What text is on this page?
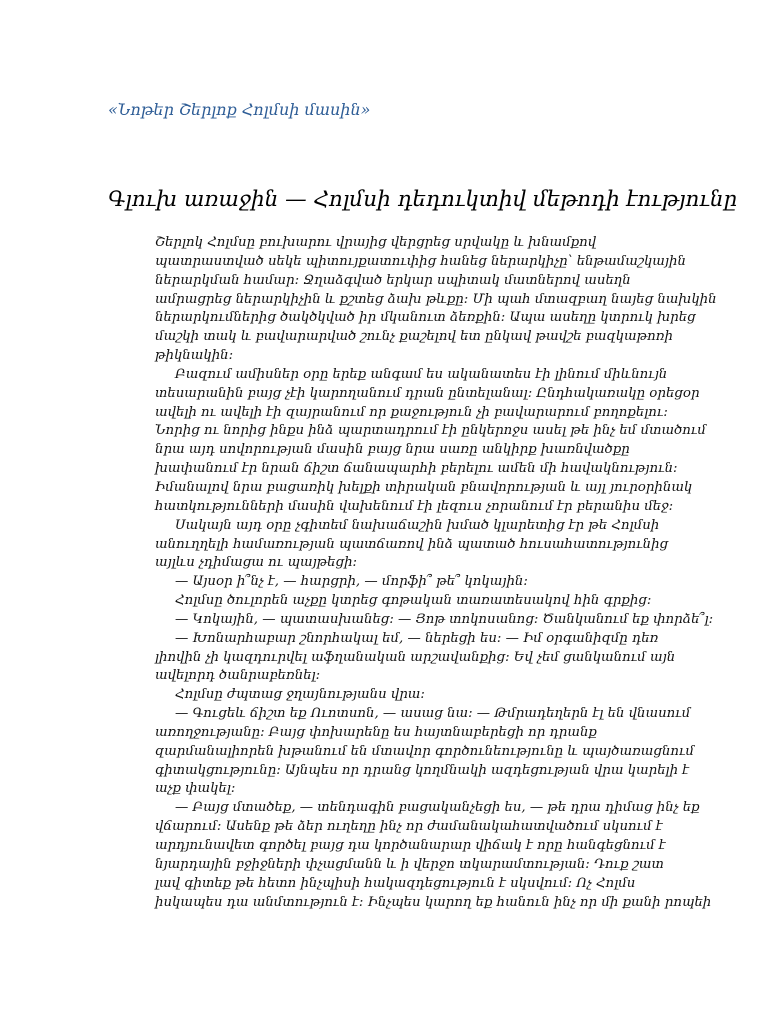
«Նոթեր Շերլոք Հոլմսի մասին»
Գլուխ առաջին — Հոլմսի դեդուկտիվ մեթոդի էությունը
Շերլոկ Հոլմսը բուխարու վրայից վերցրեց սրվակը և խնամքով
պատրաստված սեկե պիտույքատուփից հանեց ներարկիչը՝ ենթամաշկային
ներարկման համար: Ջղաձգված երկար սպիտակ մատներով ասեղն
ամրացրեց ներարկիչին և քշտեց ձախ թևքը: Մի պահ մտազբաղ նայեց նախկին
ներարկումներից ծակծկված իր մկանուտ ձեռքին: Ապա ասեղը կտրուկ խրեց
մաշկի տակ և բավարարված շունչ քաշելով ետ ընկավ թավշե բազկաթոռի
թիկնակին:
Բազում ամիսներ օրը երեք անգամ ես ականատես էի լինում միևնույն
տեսարանին բայց չէի կարողանում դրան ընտելանալ: Ընդհակառակը օրեցօր
ավելի ու ավելի էի զայրանում որ քաջություն չի բավարարում բողոքելու:
Նորից ու նորից ինքս ինձ պարտադրում էի ընկերոջս ասել թե ինչ եմ մտածում
նրա այդ սովորության մասին բայց նրա սառը անկիրք խառնվածքը
խափանում էր նրան ճիշտ ճանապարհի բերելու ամեն մի հավակնություն:
Իմանալով նրա բացառիկ խելքի տիրական բնավորության և այլ յուրօրինակ
հատկությունների մասին վախենում էի լեզուս չորանում էր բերանիս մեջ:
Սակայն այդ օրը չգիտեմ նախաճաշին խմած կլարետից էր թե Հոլմսի
անուղղելի համառության պատճառով ինձ պատած հուսահատությունից
այլևս չդիմացա ու պայթեցի:
— Այսօր ի՞նչ է, — հարցրի, — մորֆի՞ թե՞ կոկային:
Հոլմսը ծուլորեն աչքը կտրեց գոթական տառատեսակով հին գրքից:
— Կոկային, — պատասխանեց: — Յոթ տոկոսանոց: Ծանկանում եք փորձե՞լ:
— Խոնարհաբար շնորհակալ եմ, — ներեցի ես: — Իմ օրգանիզմը դեռ
լիովին չի կազդուրվել աֆղանական արշավանքից: Եվ չեմ ցանկանում այն
ավելորդ ծանրաբեռնել:
Հոլմսը ժպտաց ջղայնությանս վրա:
— Գուցեև ճիշտ եք Ուոտսոն, — ասաց նա: — Թմրադեղերն էլ են վնասում
առողջությանը: Բայց փոխարենը ես հայտնաբերեցի որ դրանք
զարմանալիորեն խթանում են մտավոր գործունեությունը և պայծառացնում
գիտակցությունը: Այնպես որ դրանց կողմնակի ազդեցության վրա կարելի է
աչք փակել:
— Բայց մտածեք, — տենդագին բացականչեցի ես, — թե դրա դիմաց ինչ եք
վճարում: Ասենք թե ձեր ուղեղը ինչ որ ժամանակահատվածում սկսում է
արդյունավետ գործել բայց դա կործանարար վիճակ է որը հանգեցնում է
նյարդային բջիջների փչացմանն և ի վերջո տկարամտության: Դուք շատ
լավ գիտեք թե հետո ինչպիսի հակազդեցություն է սկսվում: Ոչ Հոլմս
իսկապես դա անմտություն է: Ինչպես կարող եք հանուն ինչ որ մի քանի րոպեի
